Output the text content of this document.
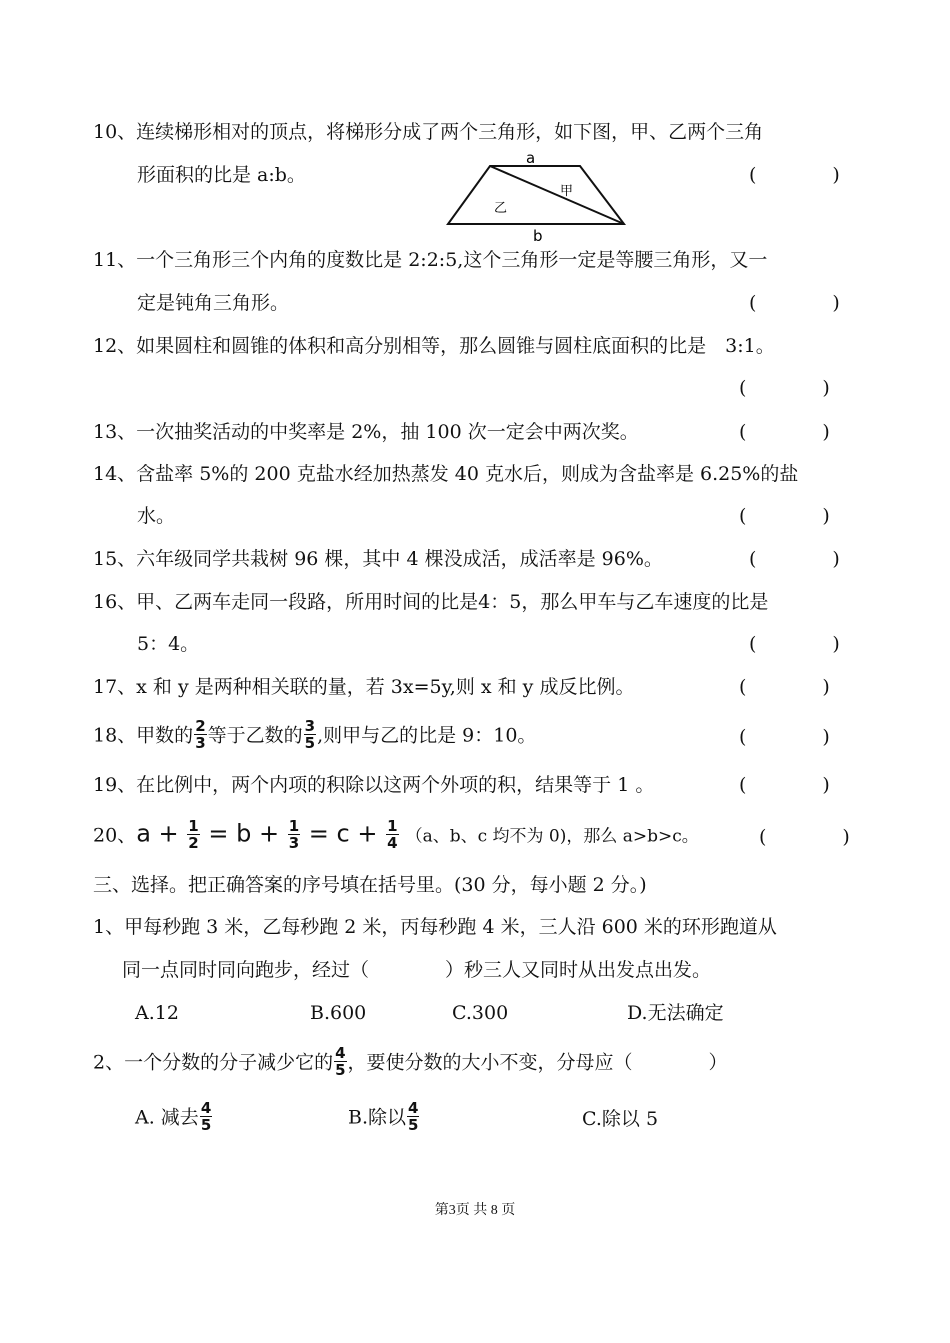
10、连续梯形相对的顶点，将梯形分成了两个三角形，如下图，甲、乙两个三角
形面积的比是 a:b。
a
b
甲
乙
(　　　　)
11、一个三角形三个内角的度数比是 2:2:5,这个三角形一定是等腰三角形，又一
定是钝角三角形。	(　　　　)
12、如果圆柱和圆锥的体积和高分别相等，那么圆锥与圆柱底面积的比是　3:1。
(　　　　)
13、一次抽奖活动的中奖率是 2%，抽 100 次一定会中两次奖。	(　　　　)
14、含盐率 5%的 200 克盐水经加热蒸发 40 克水后，则成为含盐率是 6.25%的盐
水。	(　　　　)
15、六年级同学共栽树 96 棵，其中 4 棵没成活，成活率是 96%。	(　　　　)
16、甲、乙两车走同一段路，所用时间的比是4：5，那么甲车与乙车速度的比是
5：4。	(　　　　)
17、x 和 y 是两种相关联的量，若 3x=5y,则 x 和 y 成反比例。	(　　　　)
18、甲数的 $\frac{2}{3}$ 等于乙数的 $\frac{3}{5}$ ,则甲与乙的比是 9：10。	(　　　　)
19、在比例中，两个内项的积除以这两个外项的积，结果等于 1 。	(　　　　)
20、$a + \frac{1}{2} = b + \frac{1}{3} = c + \frac{1}{4} (a$、b、c 均不为 0)，那么 a>b>c。	(　　　　)
三、选择。把正确答案的序号填在括号里。(30 分，每小题 2 分。)
1、甲每秒跑 3 米，乙每秒跑 2 米，丙每秒跑 4 米，三人沿 600 米的环形跑道从
同一点同时同向跑步，经过（　　　　）秒三人又同时从出发点出发。
A.12	B.600	C.300	D.无法确定
2、一个分数的分子减少它的 $\frac{4}{5}$ ，要使分数的大小不变，分母应（　　　　）
A. 减去 $\frac{4}{5}$	B.除以 $\frac{4}{5}$	C.除以 5
第3页 共 8 页
